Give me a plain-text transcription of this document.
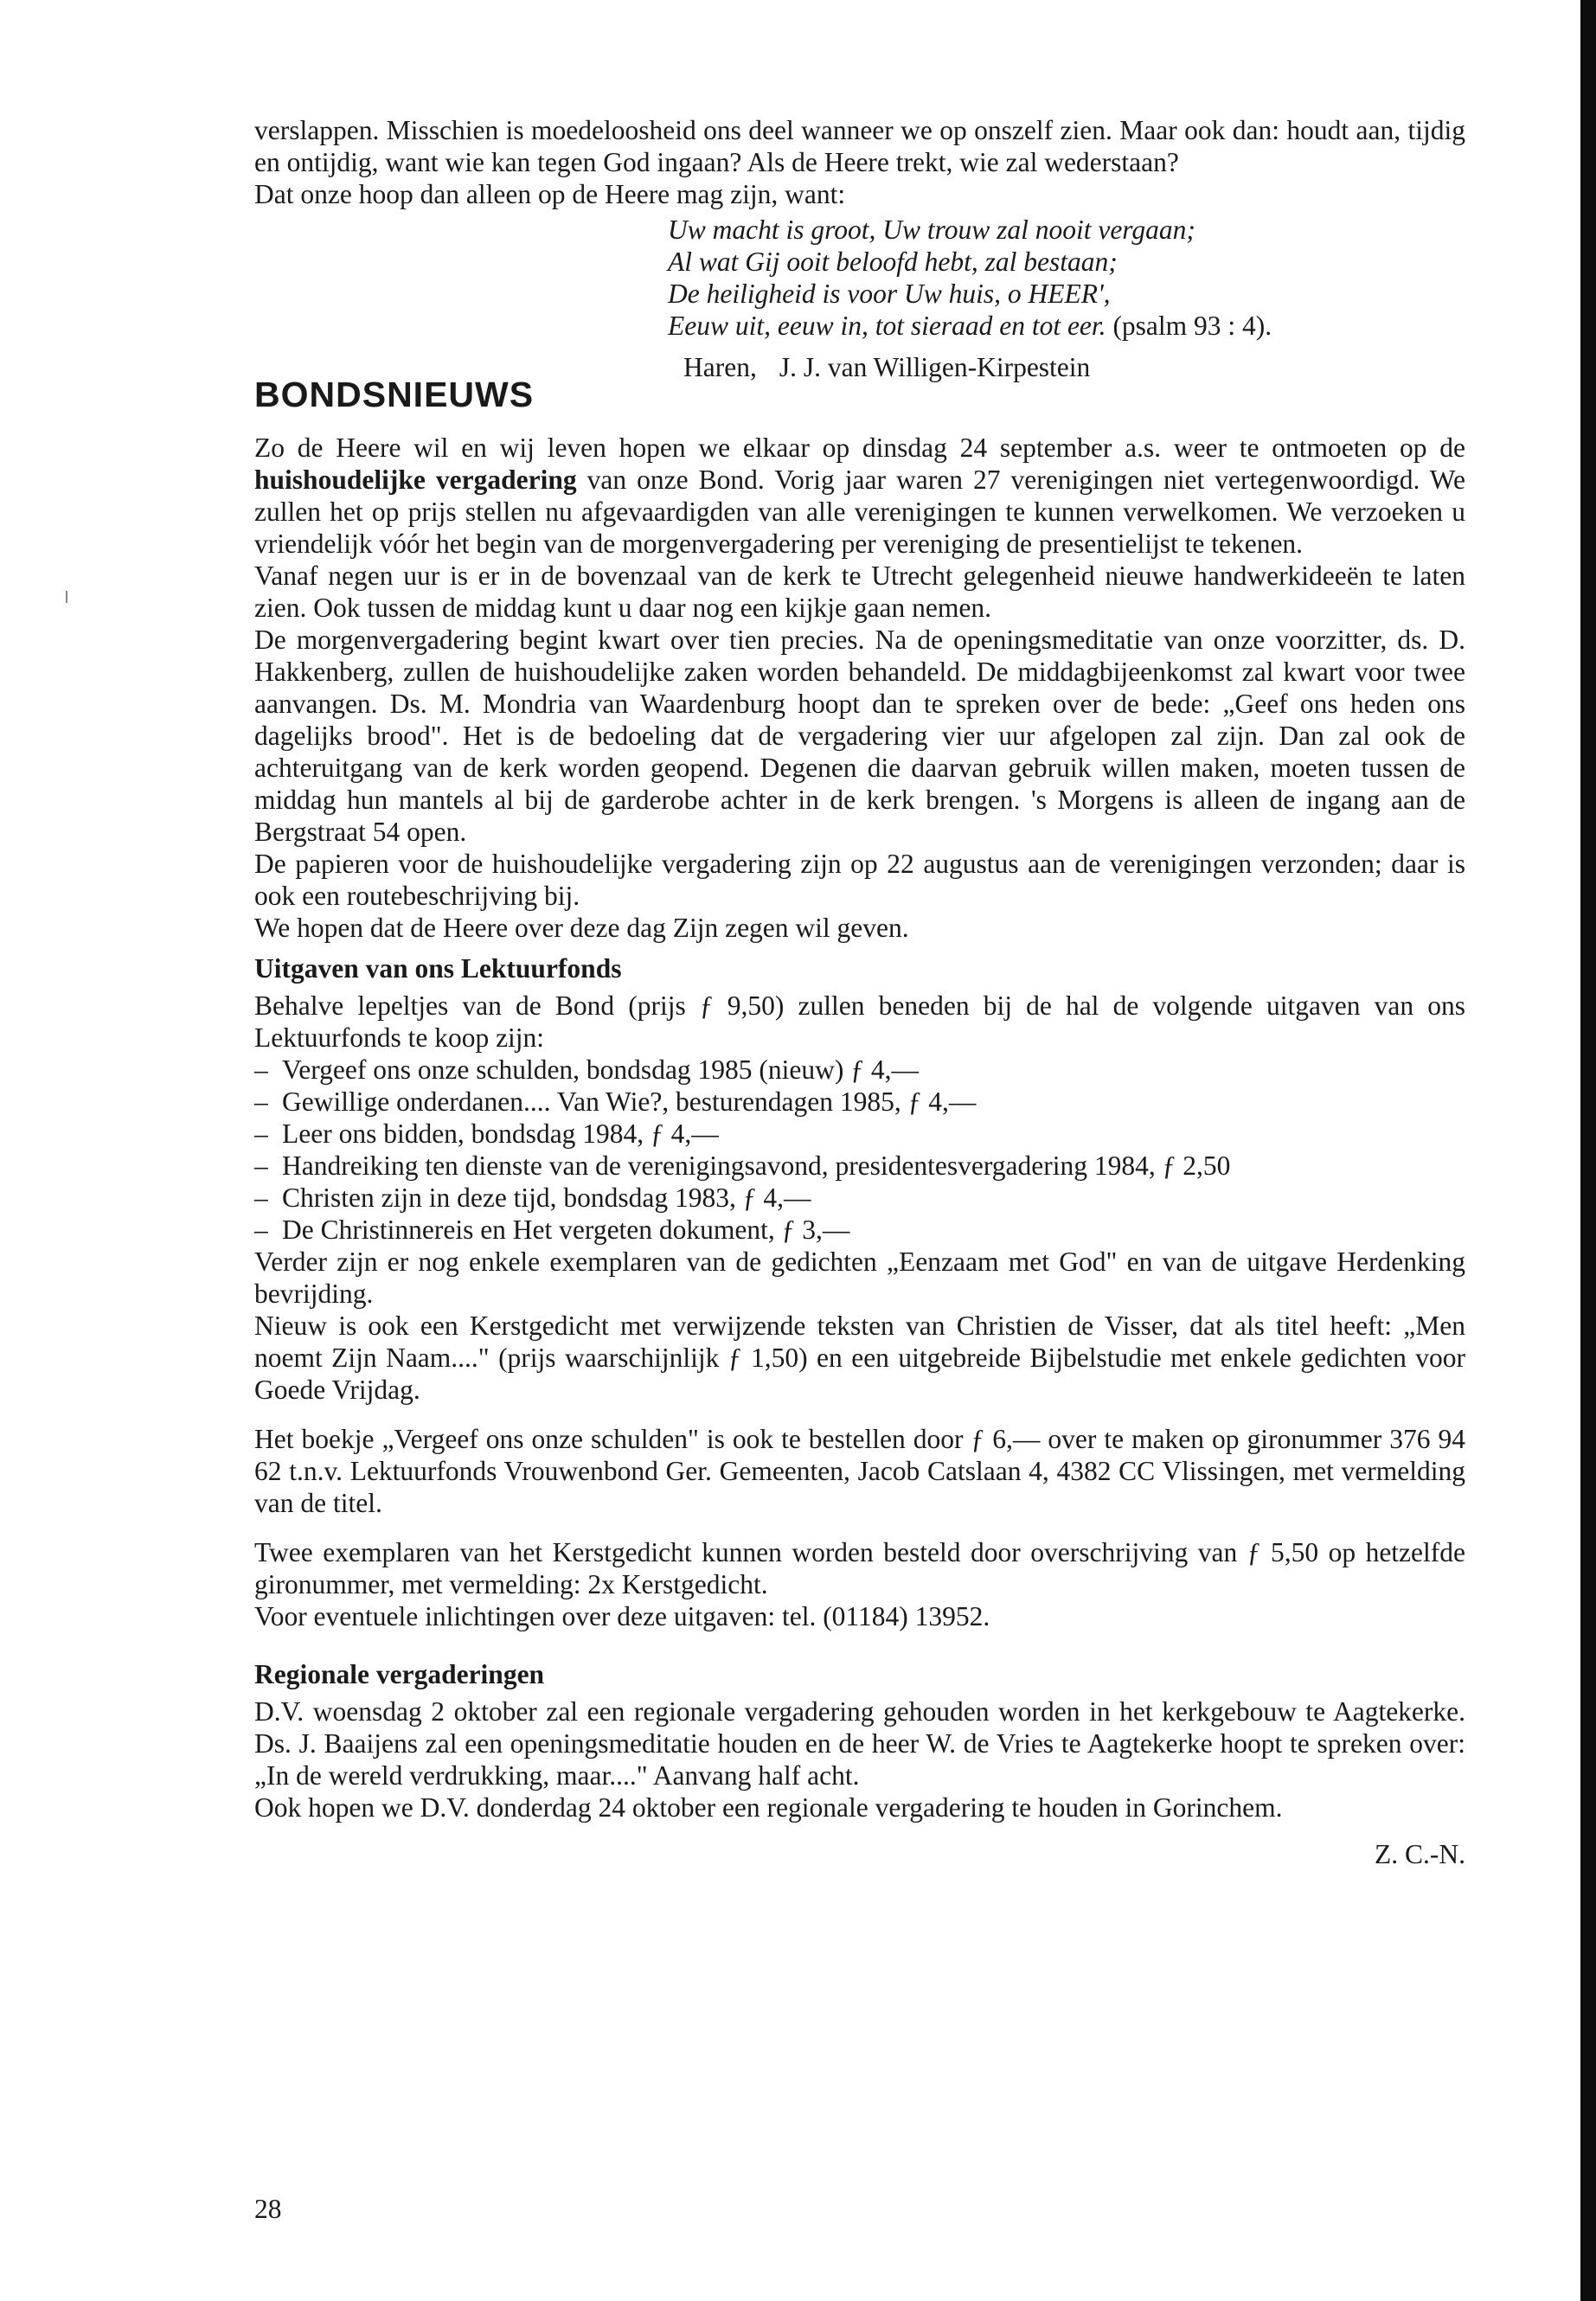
verslappen. Misschien is moedeloosheid ons deel wanneer we op onszelf zien. Maar ook dan: houdt aan, tijdig en ontijdig, want wie kan tegen God ingaan? Als de Heere trekt, wie zal wederstaan?

Dat onze hoop dan alleen op de Heere mag zijn, want:

Uw macht is groot, Uw trouw zal nooit vergaan;
Al wat Gij ooit beloofd hebt, zal bestaan;
De heiligheid is voor Uw huis, o HEER',
Eeuw uit, eeuw in, tot sieraad en tot eer. (psalm 93 : 4).
BONDSNIEUWS
Haren, J. J. van Willigen-Kirpestein

Zo de Heere wil en wij leven hopen we elkaar op dinsdag 24 september a.s. weer te ontmoeten op de huishoudelijke vergadering van onze Bond. Vorig jaar waren 27 verenigingen niet vertegenwoordigd. We zullen het op prijs stellen nu afgevaardigden van alle verenigingen te kunnen verwelkomen. We verzoeken u vriendelijk vóór het begin van de morgenvergadering per vereniging de presentielijst te tekenen.

Vanaf negen uur is er in de bovenzaal van de kerk te Utrecht gelegenheid nieuwe handwerkideeën te laten zien. Ook tussen de middag kunt u daar nog een kijkje gaan nemen.

De morgenvergadering begint kwart over tien precies. Na de openingsmeditatie van onze voorzitter, ds. D. Hakkenberg, zullen de huishoudelijke zaken worden behandeld. De middagbijeenkomst zal kwart voor twee aanvangen. Ds. M. Mondria van Waardenburg hoopt dan te spreken over de bede: „Geef ons heden ons dagelijks brood". Het is de bedoeling dat de vergadering vier uur afgelopen zal zijn. Dan zal ook de achteruitgang van de kerk worden geopend. Degenen die daarvan gebruik willen maken, moeten tussen de middag hun mantels al bij de garderobe achter in de kerk brengen. 's Morgens is alleen de ingang aan de Bergstraat 54 open.

De papieren voor de huishoudelijke vergadering zijn op 22 augustus aan de verenigingen verzonden; daar is ook een routebeschrijving bij.

We hopen dat de Heere over deze dag Zijn zegen wil geven.

Uitgaven van ons Lektuurfonds

Behalve lepeltjes van de Bond (prijs ƒ 9,50) zullen beneden bij de hal de volgende uitgaven van ons Lektuurfonds te koop zijn:

– Vergeef ons onze schulden, bondsdag 1985 (nieuw) ƒ 4,—
– Gewillige onderdanen.... Van Wie?, besturendagen 1985, ƒ 4,—
– Leer ons bidden, bondsdag 1984, ƒ 4,—
– Handreiking ten dienste van de verenigingsavond, presidentesvergadering 1984, ƒ 2,50
– Christen zijn in deze tijd, bondsdag 1983, ƒ 4,—
– De Christinnereis en Het vergeten dokument, ƒ 3,—

Verder zijn er nog enkele exemplaren van de gedichten „Eenzaam met God" en van de uitgave Herdenking bevrijding.

Nieuw is ook een Kerstgedicht met verwijzende teksten van Christien de Visser, dat als titel heeft: „Men noemt Zijn Naam...." (prijs waarschijnlijk ƒ 1,50) en een uitgebreide Bijbelstudie met enkele gedichten voor Goede Vrijdag.

Het boekje „Vergeef ons onze schulden" is ook te bestellen door ƒ 6,— over te maken op gironummer 376 94 62 t.n.v. Lektuurfonds Vrouwenbond Ger. Gemeenten, Jacob Catslaan 4, 4382 CC Vlissingen, met vermelding van de titel.

Twee exemplaren van het Kerstgedicht kunnen worden besteld door overschrijving van ƒ 5,50 op hetzelfde gironummer, met vermelding: 2x Kerstgedicht.

Voor eventuele inlichtingen over deze uitgaven: tel. (01184) 13952.

Regionale vergaderingen

D.V. woensdag 2 oktober zal een regionale vergadering gehouden worden in het kerkgebouw te Aagtekerke. Ds. J. Baaijens zal een openingsmeditatie houden en de heer W. de Vries te Aagtekerke hoopt te spreken over: „In de wereld verdrukking, maar...." Aanvang half acht.

Ook hopen we D.V. donderdag 24 oktober een regionale vergadering te houden in Gorinchem.

Z. C.-N.
28
